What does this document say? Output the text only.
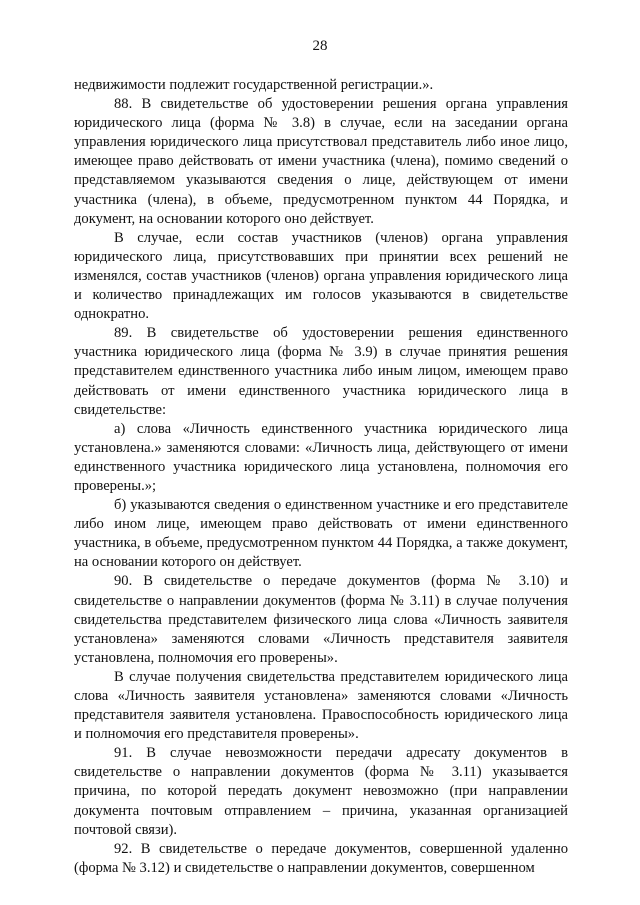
28

недвижимости подлежит государственной регистрации.».

88. В свидетельстве об удостоверении решения органа управления юридического лица (форма № 3.8) в случае, если на заседании органа управления юридического лица присутствовал представитель либо иное лицо, имеющее право действовать от имени участника (члена), помимо сведений о представляемом указываются сведения о лице, действующем от имени участника (члена), в объеме, предусмотренном пунктом 44 Порядка, и документ, на основании которого оно действует.

В случае, если состав участников (членов) органа управления юридического лица, присутствовавших при принятии всех решений не изменялся, состав участников (членов) органа управления юридического лица и количество принадлежащих им голосов указываются в свидетельстве однократно.

89. В свидетельстве об удостоверении решения единственного участника юридического лица (форма № 3.9) в случае принятия решения представителем единственного участника либо иным лицом, имеющем право действовать от имени единственного участника юридического лица в свидетельстве:

а) слова «Личность единственного участника юридического лица установлена.» заменяются словами: «Личность лица, действующего от имени единственного участника юридического лица установлена, полномочия его проверены.»;

б) указываются сведения о единственном участнике и его представителе либо ином лице, имеющем право действовать от имени единственного участника, в объеме, предусмотренном пунктом 44 Порядка, а также документ, на основании которого он действует.

90. В свидетельстве о передаче документов (форма № 3.10) и свидетельстве о направлении документов (форма № 3.11) в случае получения свидетельства представителем физического лица слова «Личность заявителя установлена» заменяются словами «Личность представителя заявителя установлена, полномочия его проверены».

В случае получения свидетельства представителем юридического лица слова «Личность заявителя установлена» заменяются словами «Личность представителя заявителя установлена. Правоспособность юридического лица и полномочия его представителя проверены».

91. В случае невозможности передачи адресату документов в свидетельстве о направлении документов (форма № 3.11) указывается причина, по которой передать документ невозможно (при направлении документа почтовым отправлением – причина, указанная организацией почтовой связи).

92. В свидетельстве о передаче документов, совершенной удаленно (форма № 3.12) и свидетельстве о направлении документов, совершенном
